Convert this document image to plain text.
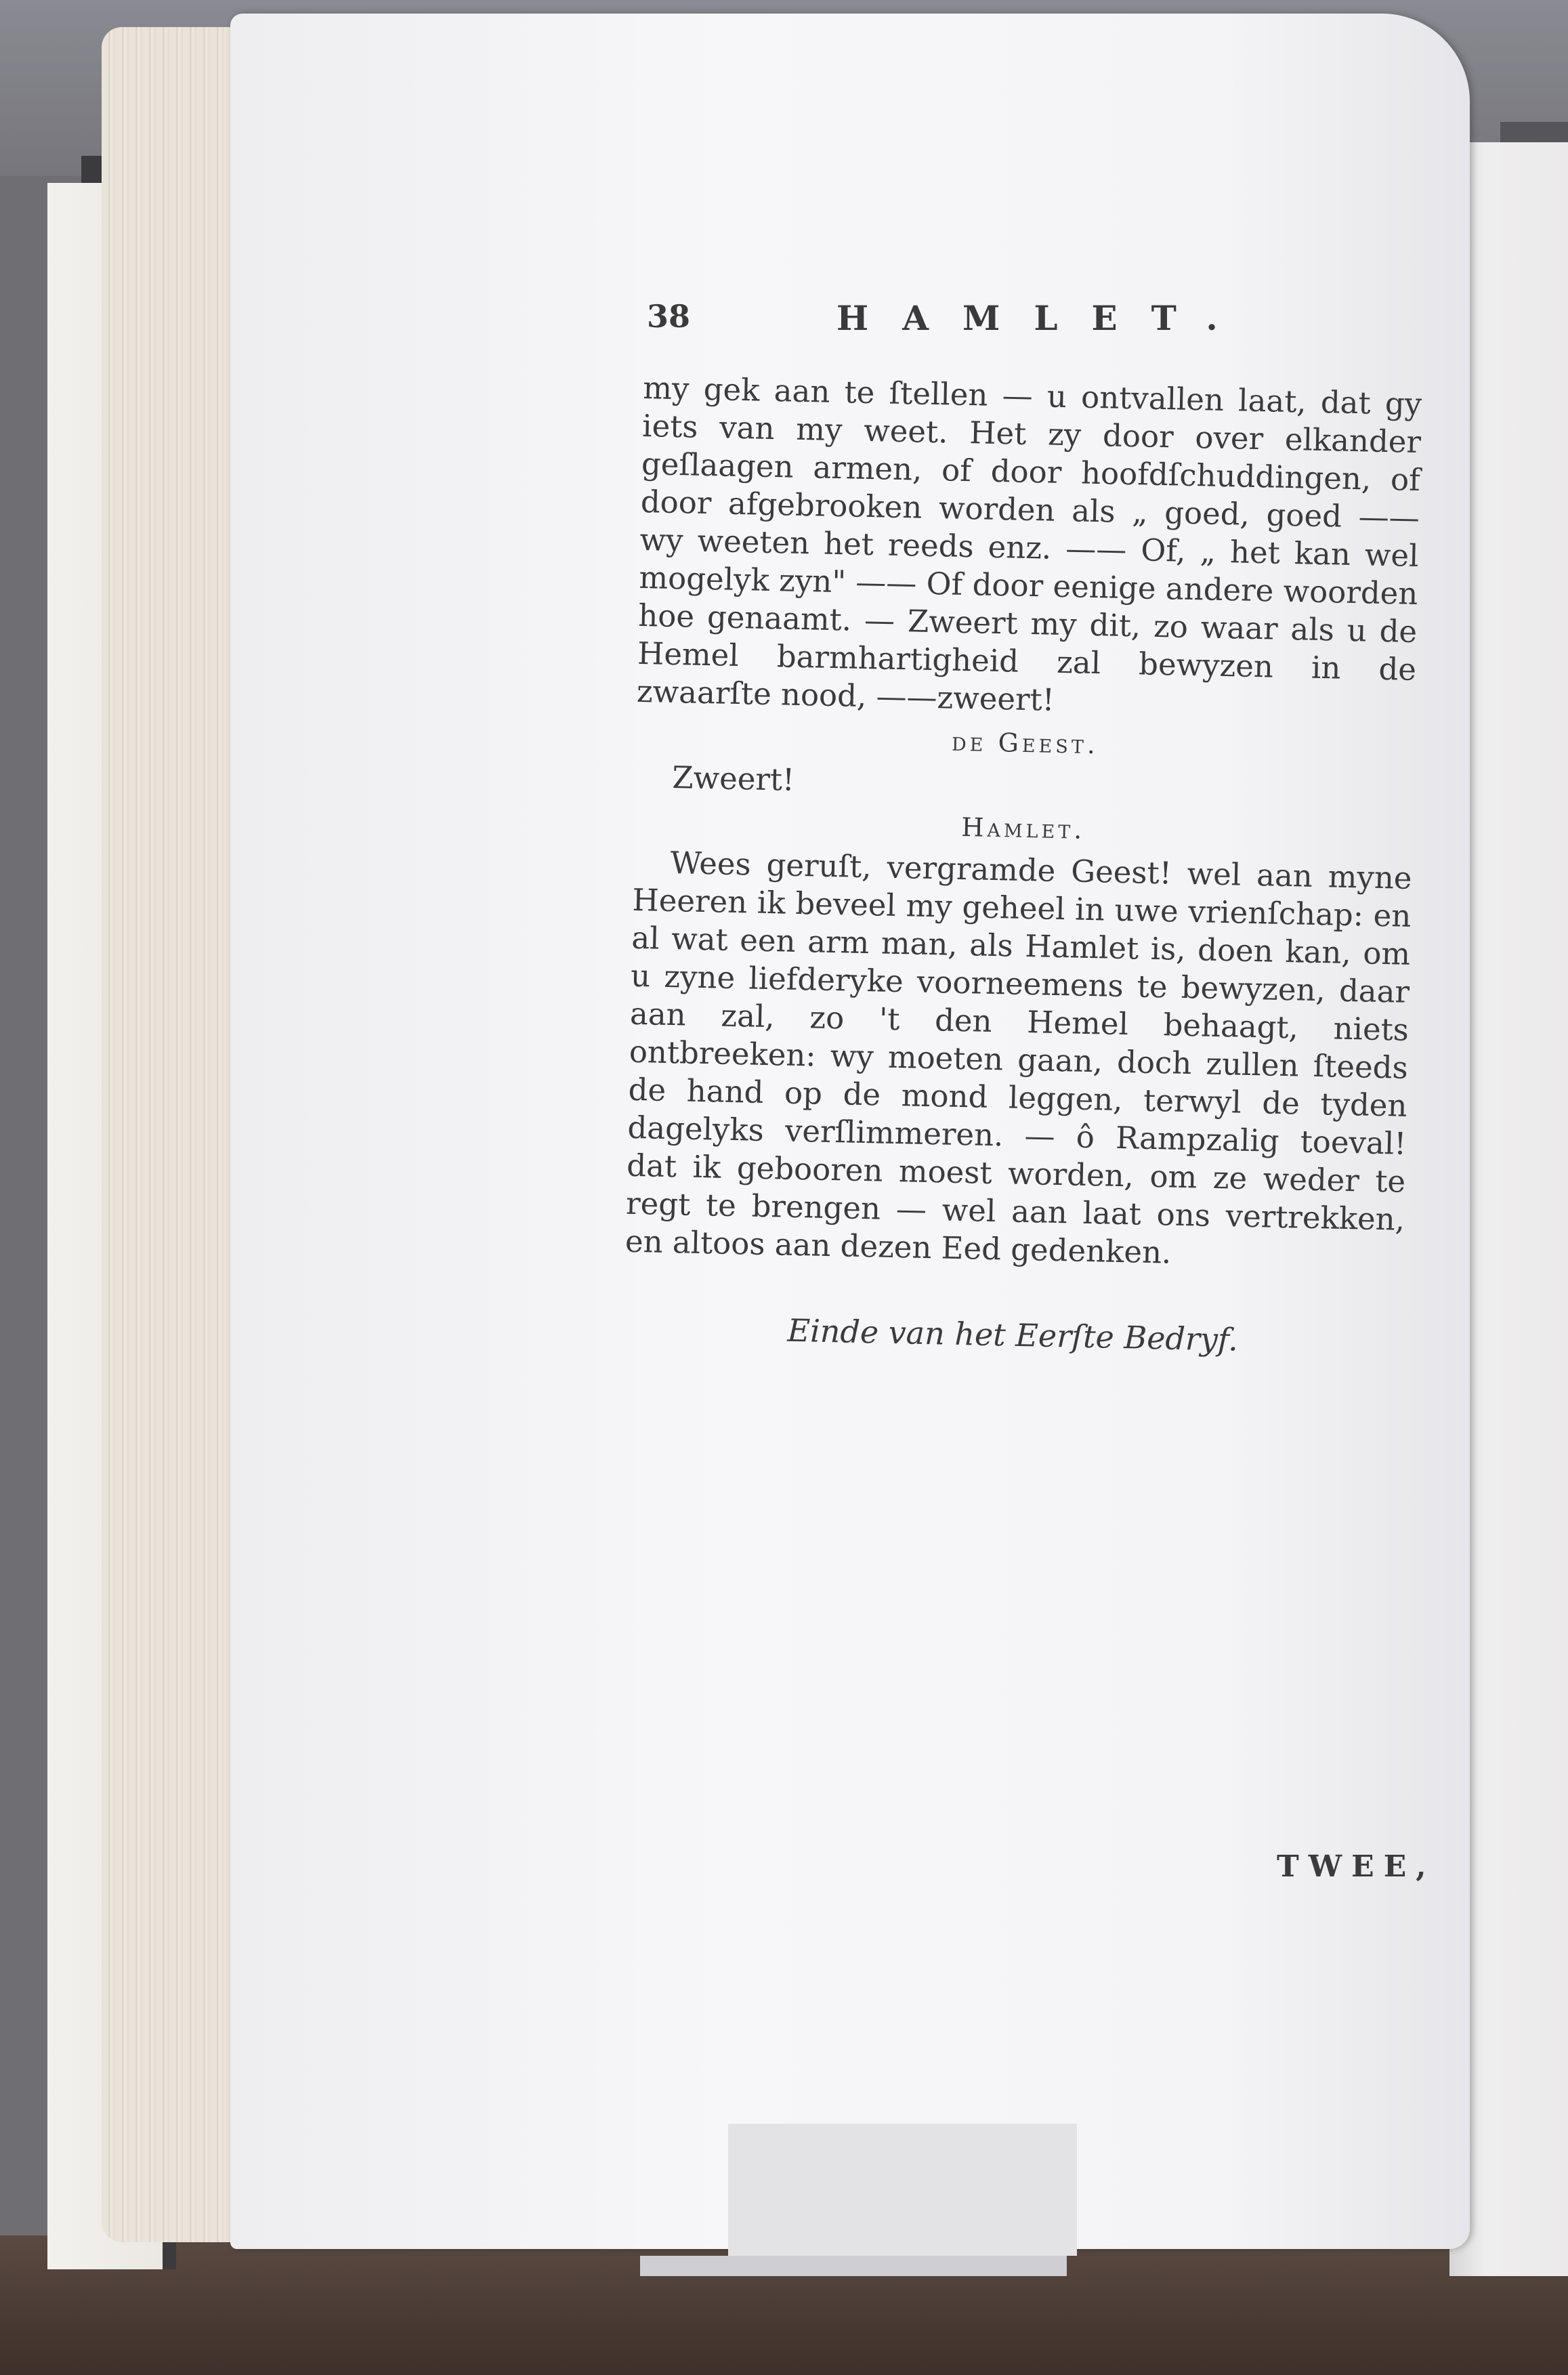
38	HAMLET.

my gek aan te ſtellen — u ontvallen laat, dat gy iets van my weet. Het zy door over elkander geſlaagen armen, of door hoofdſchuddingen, of door afgebrooken worden als „ goed, goed —— wy weeten het reeds enz. —— Of, „ het kan wel mogelyk zyn" —— Of door eenige andere woorden hoe genaamt. — Zweert my dit, zo waar als u de Hemel barmhartigheid zal bewyzen in de zwaarſte nood, ——zweert!

de Geest.

Zweert!

Hamlet.

Wees geruſt, vergramde Geest! wel aan myne Heeren ik beveel my geheel in uwe vrienſchap: en al wat een arm man, als Hamlet is, doen kan, om u zyne liefderyke voorneemens te bewyzen, daar aan zal, zo 't den Hemel behaagt, niets ontbreeken: wy moeten gaan, doch zullen ſteeds de hand op de mond leggen, terwyl de tyden dagelyks verſlimmeren. — ô Rampzalig toeval! dat ik gebooren moest worden, om ze weder te regt te brengen — wel aan laat ons vertrekken, en altoos aan dezen Eed gedenken.

Einde van het Eerſte Bedryf.

TWEE,
